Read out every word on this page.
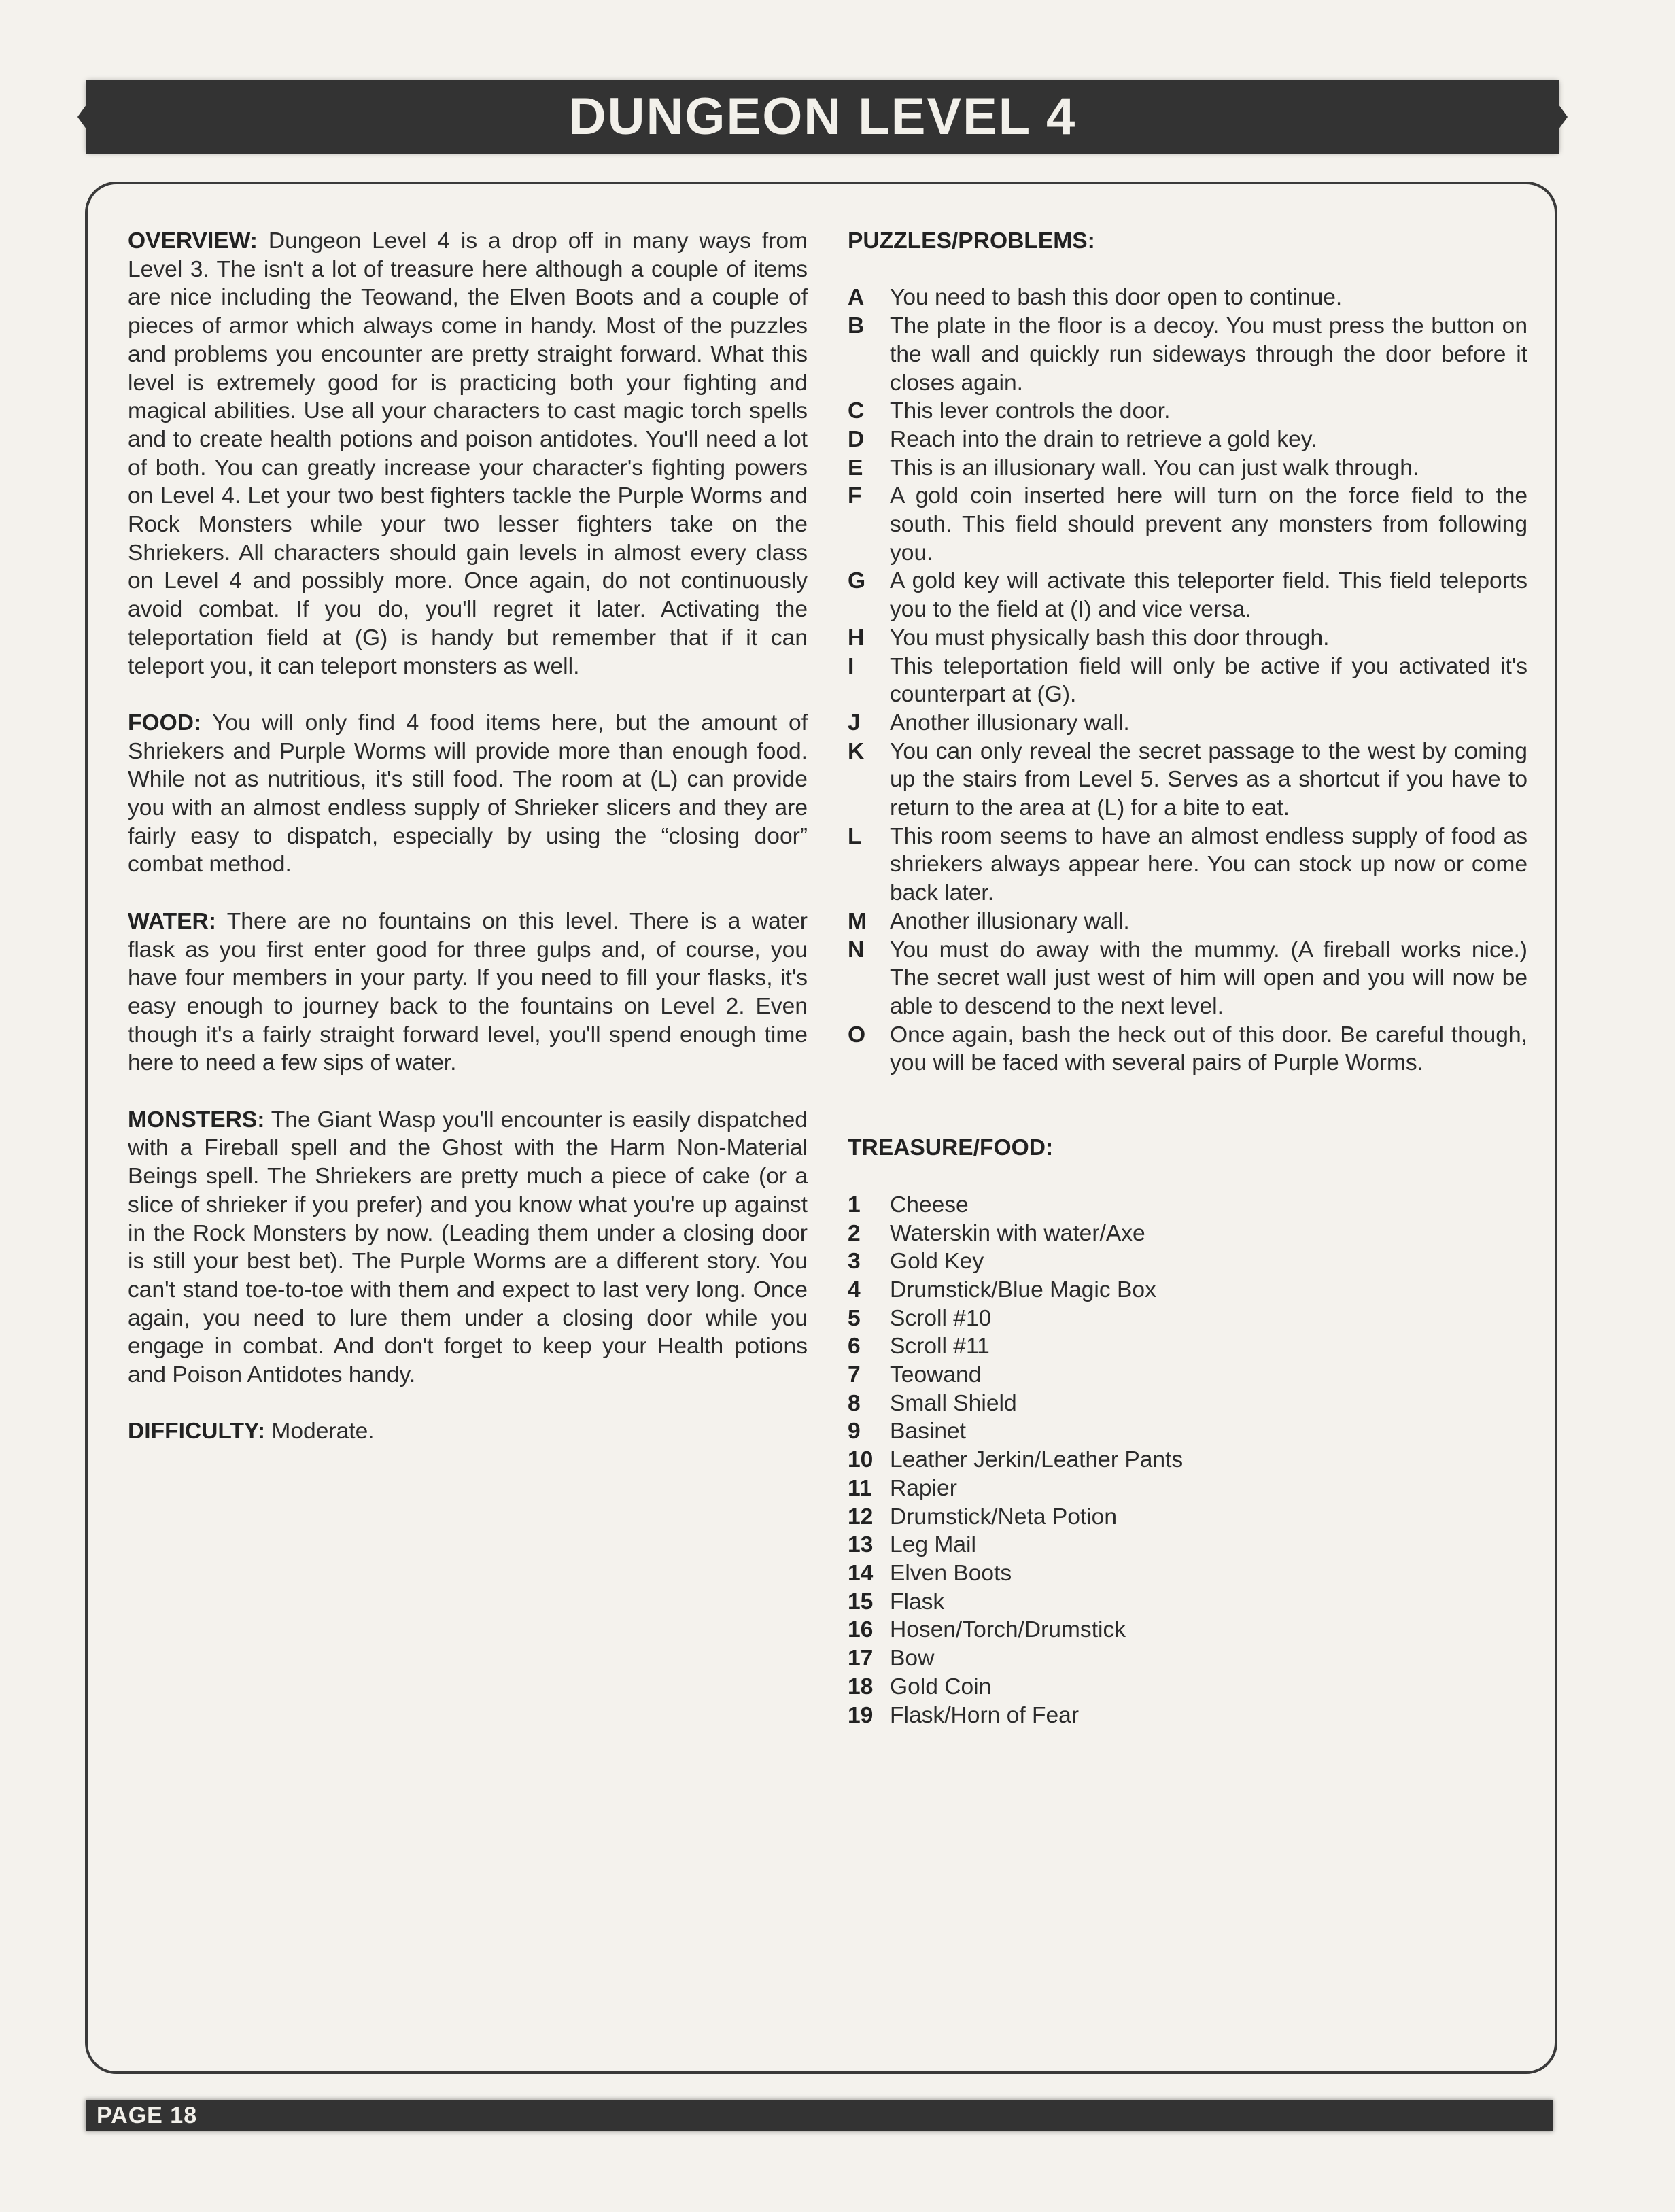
DUNGEON LEVEL 4

OVERVIEW: Dungeon Level 4 is a drop off in many ways from Level 3. The isn't a lot of treasure here although a couple of items are nice including the Teowand, the Elven Boots and a couple of pieces of armor which always come in handy. Most of the puzzles and problems you encounter are pretty straight forward. What this level is extremely good for is practicing both your fighting and magical abilities. Use all your characters to cast magic torch spells and to create health potions and poison antidotes. You'll need a lot of both. You can greatly increase your character's fighting powers on Level 4. Let your two best fighters tackle the Purple Worms and Rock Monsters while your two lesser fighters take on the Shriekers. All characters should gain levels in almost every class on Level 4 and possibly more. Once again, do not continuously avoid combat. If you do, you'll regret it later. Activating the teleportation field at (G) is handy but remember that if it can teleport you, it can teleport monsters as well.

FOOD: You will only find 4 food items here, but the amount of Shriekers and Purple Worms will provide more than enough food. While not as nutritious, it's still food. The room at (L) can provide you with an almost endless supply of Shrieker slicers and they are fairly easy to dispatch, especially by using the “closing door” combat method.

WATER: There are no fountains on this level. There is a water flask as you first enter good for three gulps and, of course, you have four members in your party. If you need to fill your flasks, it's easy enough to journey back to the fountains on Level 2. Even though it's a fairly straight forward level, you'll spend enough time here to need a few sips of water.

MONSTERS: The Giant Wasp you'll encounter is easily dispatched with a Fireball spell and the Ghost with the Harm Non-Material Beings spell. The Shriekers are pretty much a piece of cake (or a slice of shrieker if you prefer) and you know what you're up against in the Rock Monsters by now. (Leading them under a closing door is still your best bet). The Purple Worms are a different story. You can't stand toe-to-toe with them and expect to last very long. Once again, you need to lure them under a closing door while you engage in combat. And don't forget to keep your Health potions and Poison Antidotes handy.

DIFFICULTY: Moderate.

PUZZLES/PROBLEMS:
A	You need to bash this door open to continue.
B	The plate in the floor is a decoy. You must press the button on the wall and quickly run sideways through the door before it closes again.
C	This lever controls the door.
D	Reach into the drain to retrieve a gold key.
E	This is an illusionary wall. You can just walk through.
F	A gold coin inserted here will turn on the force field to the south. This field should prevent any monsters from following you.
G	A gold key will activate this teleporter field. This field teleports you to the field at (I) and vice versa.
H	You must physically bash this door through.
I	This teleportation field will only be active if you activated it's counterpart at (G).
J	Another illusionary wall.
K	You can only reveal the secret passage to the west by coming up the stairs from Level 5. Serves as a shortcut if you have to return to the area at (L) for a bite to eat.
L	This room seems to have an almost endless supply of food as shriekers always appear here. You can stock up now or come back later.
M	Another illusionary wall.
N	You must do away with the mummy. (A fireball works nice.) The secret wall just west of him will open and you will now be able to descend to the next level.
O	Once again, bash the heck out of this door. Be careful though, you will be faced with several pairs of Purple Worms.
TREASURE/FOOD:
1	Cheese
2	Waterskin with water/Axe
3	Gold Key
4	Drumstick/Blue Magic Box
5	Scroll #10
6	Scroll #11
7	Teowand
8	Small Shield
9	Basinet
10 Leather Jerkin/Leather Pants
11 Rapier
12 Drumstick/Neta Potion
13 Leg Mail
14 Elven Boots
15 Flask
16 Hosen/Torch/Drumstick
17 Bow
18 Gold Coin
19 Flask/Horn of Fear
PAGE 18
